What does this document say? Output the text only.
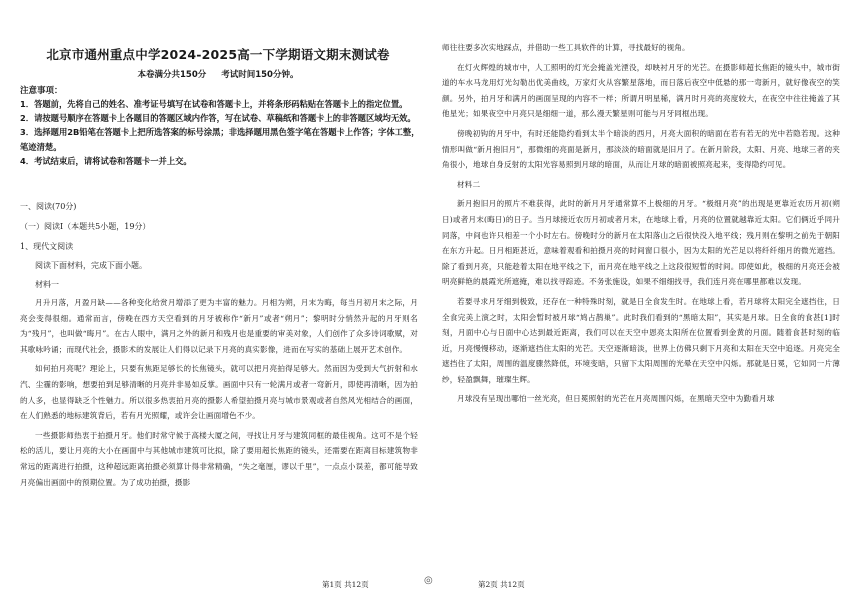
北京市通州重点中学2024-2025高一下学期语文期末测试卷
本卷满分共150分 考试时间150分钟。
注意事项：
1．答题前，先将自己的姓名、准考证号填写在试卷和答题卡上，并将条形码粘贴在答题卡上的指定位置。
2．请按题号顺序在答题卡上各题目的答题区域内作答，写在试卷、草稿纸和答题卡上的非答题区域均无效。
3．选择题用2B铅笔在答题卡上把所选答案的标号涂黑；非选择题用黑色签字笔在答题卡上作答；字体工整，笔迹清楚。
4．考试结束后，请将试卷和答题卡一并上交。
一、阅读(70分)
（一）阅读Ⅰ（本题共5小题，19分）
1、现代文阅读
阅读下面材料，完成下面小题。
材料一

月升月落，月盈月缺——各种变化给赏月增添了更为丰富的魅力。月相为朔，月末为晦，每当月初月末之际，月亮会变得很细。通常而言，傍晚在西方天空看到的月牙被称作“新月”或者“朔月”；黎明时分悄然升起的月牙则名为“残月”，也叫做“晦月”。在古人眼中，满月之外的新月和残月也是重要的审美对象，人们创作了众多诗词歌赋，对其歌咏吟诵；而现代社会，摄影术的发展让人们得以记录下月亮的真实影像，进而在写实的基础上展开艺术创作。

如何拍月亮呢？理论上，只要有焦距足够长的长焦镜头，就可以把月亮拍得足够大。然而因为受到大气折射和水汽、尘霾的影响，想要拍到足够清晰的月亮并非易如反掌。画面中只有一轮满月或者一弯新月，即使再清晰，因为拍的人多，也显得缺乏个性魅力。所以很多热衷拍月亮的摄影人希望拍摄月亮与城市景观或者自然风光相结合的画面，在人们熟悉的地标建筑背后，若有月光照耀，或许会让画面增色不少。

一些摄影师热衷于拍摄月牙。他们时常守候于高楼大厦之间，寻找让月牙与建筑同框的最佳视角。这可不是个轻松的活儿，要让月亮的大小在画面中与其他城市建筑可比拟，除了要用超长焦距的镜头，还需要在距离目标建筑物非常远的距离进行拍摄，这种超远距离拍摄必须算计得非常精确，“失之毫厘，谬以千里”，一点点小误差，都可能导致月亮偏出画面中的预期位置。为了成功拍摄，摄影

第1页 共12页	◎

师往往要多次实地踩点，并借助一些工具软件的计算，寻找最好的视角。

在灯火辉煌的城市中，人工照明的灯光会掩盖光湮没，却映衬月牙的光芒。在摄影师超长焦距的镜头中，城市街道的车水马龙用灯光勾勒出优美曲线，万家灯火从容繁星落地，而日落后夜空中低悬的那一弯新月，就好像夜空的笑颜。另外，拍月牙和满月的画面呈现的内容不一样；所谓月明星稀，满月时月亮的亮度较大，在夜空中往往掩盖了其他星光；如果夜空中月亮只是细细一道，那么漫天繁星则可能与月牙同框出现。

傍晚初钩的月牙中，有时还能隐约看到太半个暗淡的西月，月亮大面积的暗面在若有若无的光中若隐若现。这种情形叫做“新月抱旧月”，那微细的亮面是新月，那淡淡的暗面就是旧月了。在新月阶段，太阳、月亮、地球三者的夹角很小，地球自身反射的太阳光容易照到月球的暗面，从而让月球的暗面被照亮起来，变得隐约可见。

材料二

新月抱旧月的照片不难获得，此时的新月月牙通常算不上极细的月牙。“极细月亮”的出现是更靠近农历月初(朔日)或者月末(晦日)的日子。当月球接近农历月初或者月末，在地球上看，月亮的位置就越靠近太阳。它们俩近乎同升同落，中间也许只相差一个小时左右。傍晚时分的新月在太阳落山之后很快没入地平线；残月则在黎明之前先于朝阳在东方升起。日月相距甚近，意味着观看和拍摄月亮的时间窗口很小，因为太阳的光芒足以将纤纤细月的微光遮挡。除了看到月亮，只能趁着太阳在地平线之下，而月亮在地平线之上这段很短暂的时间。即使如此，极细的月亮还会被明亮鲜艳的晨霞光所遮掩，难以找寻踪迹。不务张施设，如果不细细找寻，我们连月亮在哪里都难以发现。

若要寻求月牙细到极致，还存在一种特殊时刻，就是日全食发生时。在地球上看，若月球将太阳完全遮挡住，日全食完美上演之时，太阳会暂时被月球“鸠占鹊巢”。此时我们看到的“黑暗太阳”，其实是月球。日全食的食甚[1]时刻，月面中心与日面中心达到最近距离，我们可以在天空中恩亮太阳所在位置看到金黄的月面。随着食甚时刻的临近，月亮慢慢移动，逐渐遮挡住太阳的光芒。天空逐渐暗淡，世界上仿佛只剩下月亮和太阳在天空中追逐。月亮完全遮挡住了太阳，周围的温度骤然降低，环境变暗，只留下太阳周围的光晕在天空中闪烁。那就是日冕，它如同一片薄纱，轻盈飘舞，璀璨生辉。

月球没有呈现出哪怕一丝光亮，但日冕照射的光芒在月亮周围闪烁，在黑暗天空中为勤看月球

第2页 共12页
